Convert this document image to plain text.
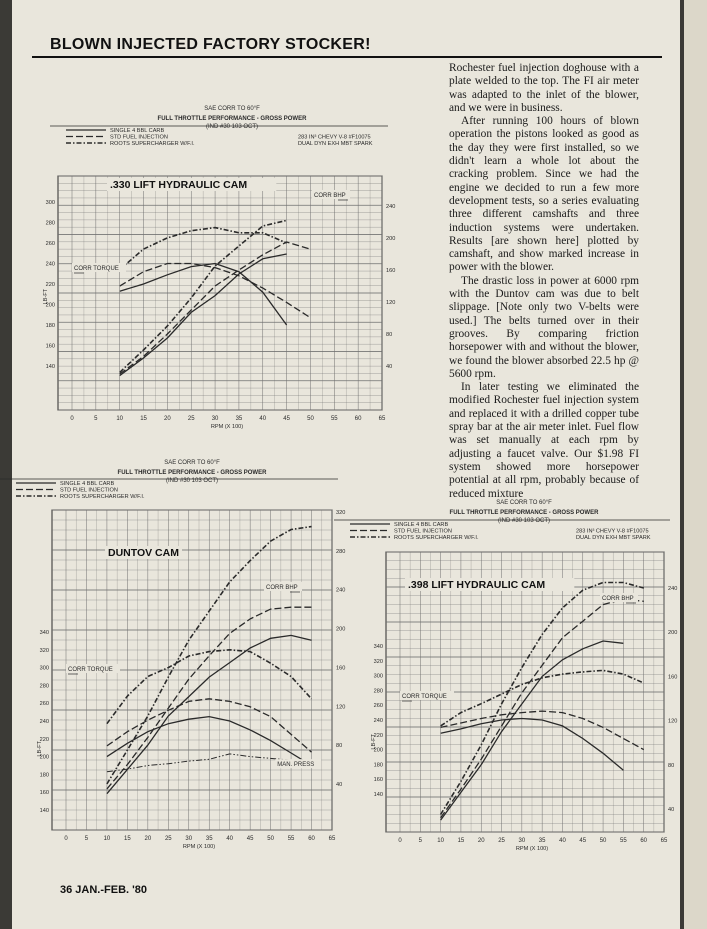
BLOWN INJECTED FACTORY STOCKER!

Rochester fuel injection doghouse with a plate welded to the top. The FI air meter was adapted to the inlet of the blower, and we were in business.

After running 100 hours of blown operation the pistons looked as good as the day they were first installed, so we didn't learn a whole lot about the cracking problem. Since we had the engine we decided to run a few more development tests, so a series evaluating three different camshafts and three induction systems were undertaken. Results [are shown here] plotted by camshaft, and show marked increase in power with the blower.

The drastic loss in power at 6000 rpm with the Duntov cam was due to belt slippage. [Note only two V-belts were used.] The belts turned over in their grooves. By comparing friction horsepower with and without the blower, we found the blower absorbed 22.5 hp @ 5600 rpm.

In later testing we eliminated the modified Rochester fuel injection system and replaced it with a drilled copper tube spray bar at the air meter inlet. Fuel flow was set manually at each rpm by adjusting a faucet valve. Our $1.98 FI system showed more horsepower potential at all rpm, probably because of reduced mixture

SAE CORR TO 60°F
FULL THROTTLE PERFORMANCE - GROSS POWER
(IND #30 103 OCT)
SINGLE 4 BBL CARB
STD FUEL INJECTION
ROOTS SUPERCHARGER W/F.I.
283 IN³ CHEVY V-8 #F10075
DUAL DYN EXH MBT SPARK
0	5	10	15	20	25	30	35	40	45	50	55	60	65
RPM (X 100)
140
160
180
200
220
240
260
280
300
LB-FT
40
80
120
160
200
240
.330 LIFT HYDRAULIC CAM
CORR TORQUE
CORR BHP
SAE CORR TO 60°F
FULL THROTTLE PERFORMANCE - GROSS POWER
(IND #30 103 OCT)
SINGLE 4 BBL CARB
STD FUEL INJECTION
ROOTS SUPERCHARGER W/F.I.
0	5	10 15 20 25 30 35 40 45 50 55 60 65
RPM (X 100)
140
160
180
200
220
240
260
280
300
320
340
LB-FT
40
80
120
160
200
240
280
320
DUNTOV CAM
CORR TORQUE
CORR BHP
MAN. PRESS
SAE CORR TO 60°F
FULL THROTTLE PERFORMANCE - GROSS POWER
(IND #30 103 OCT)
SINGLE 4 BBL CARB
STD FUEL INJECTION
ROOTS SUPERCHARGER W/F.I.
283 IN³ CHEVY V-8 #F10075
DUAL DYN EXH MBT SPARK
0	5	10 15 20 25 30 35 40 45 50 55 60 65
RPM (X 100)
140
160
180
200
220
240
260
280
300
320
340
LB-FT
40
80
120
160
200
240
.398 LIFT HYDRAULIC CAM
CORR TORQUE
CORR BHP
36 JAN.-FEB. '80
